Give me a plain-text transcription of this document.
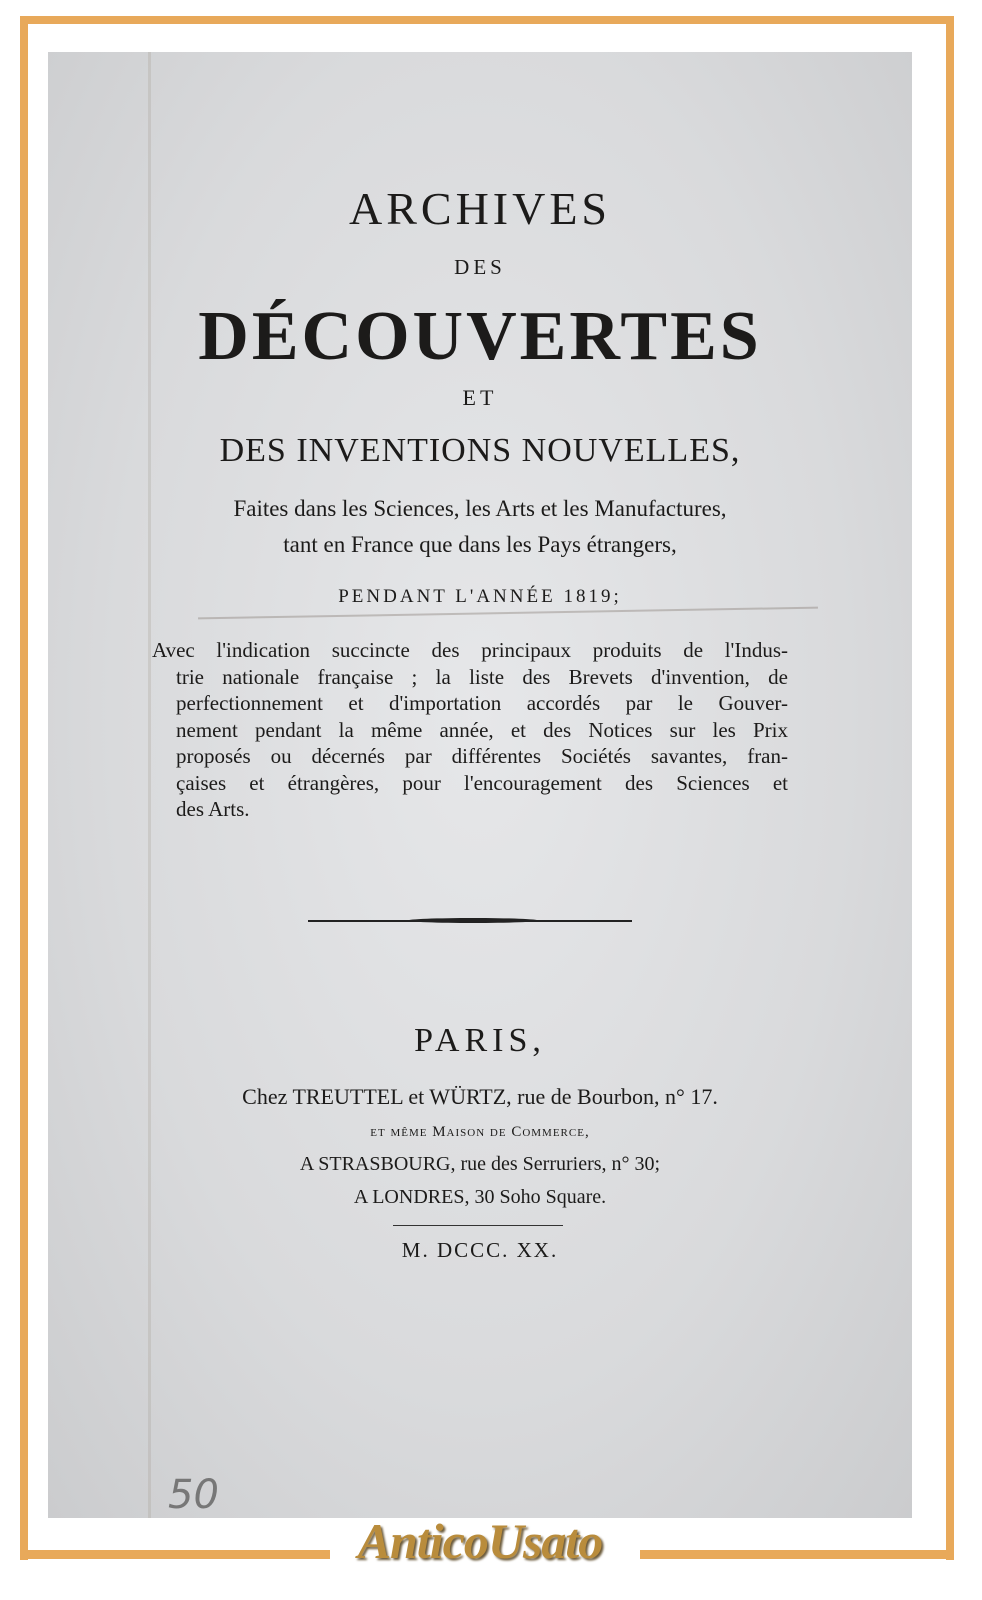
ARCHIVES
DES
DÉCOUVERTES
ET
DES INVENTIONS NOUVELLES,
Faites dans les Sciences, les Arts et les Manufactures,
tant en France que dans les Pays étrangers,
PENDANT L'ANNÉE 1819;
Avec l'indication succincte des principaux produits de l'Indus-
trie nationale française ; la liste des Brevets d'invention, de
perfectionnement et d'importation accordés par le Gouver-
nement pendant la même année, et des Notices sur les Prix
proposés ou décernés par différentes Sociétés savantes, fran-
çaises et étrangères, pour l'encouragement des Sciences et
des Arts.
PARIS,
Chez TREUTTEL et WÜRTZ, rue de Bourbon, n° 17.
et même Maison de Commerce,
A STRASBOURG, rue des Serruriers, n° 30;
A LONDRES, 30 Soho Square.
M. DCCC. XX.
50
AnticoUsato
